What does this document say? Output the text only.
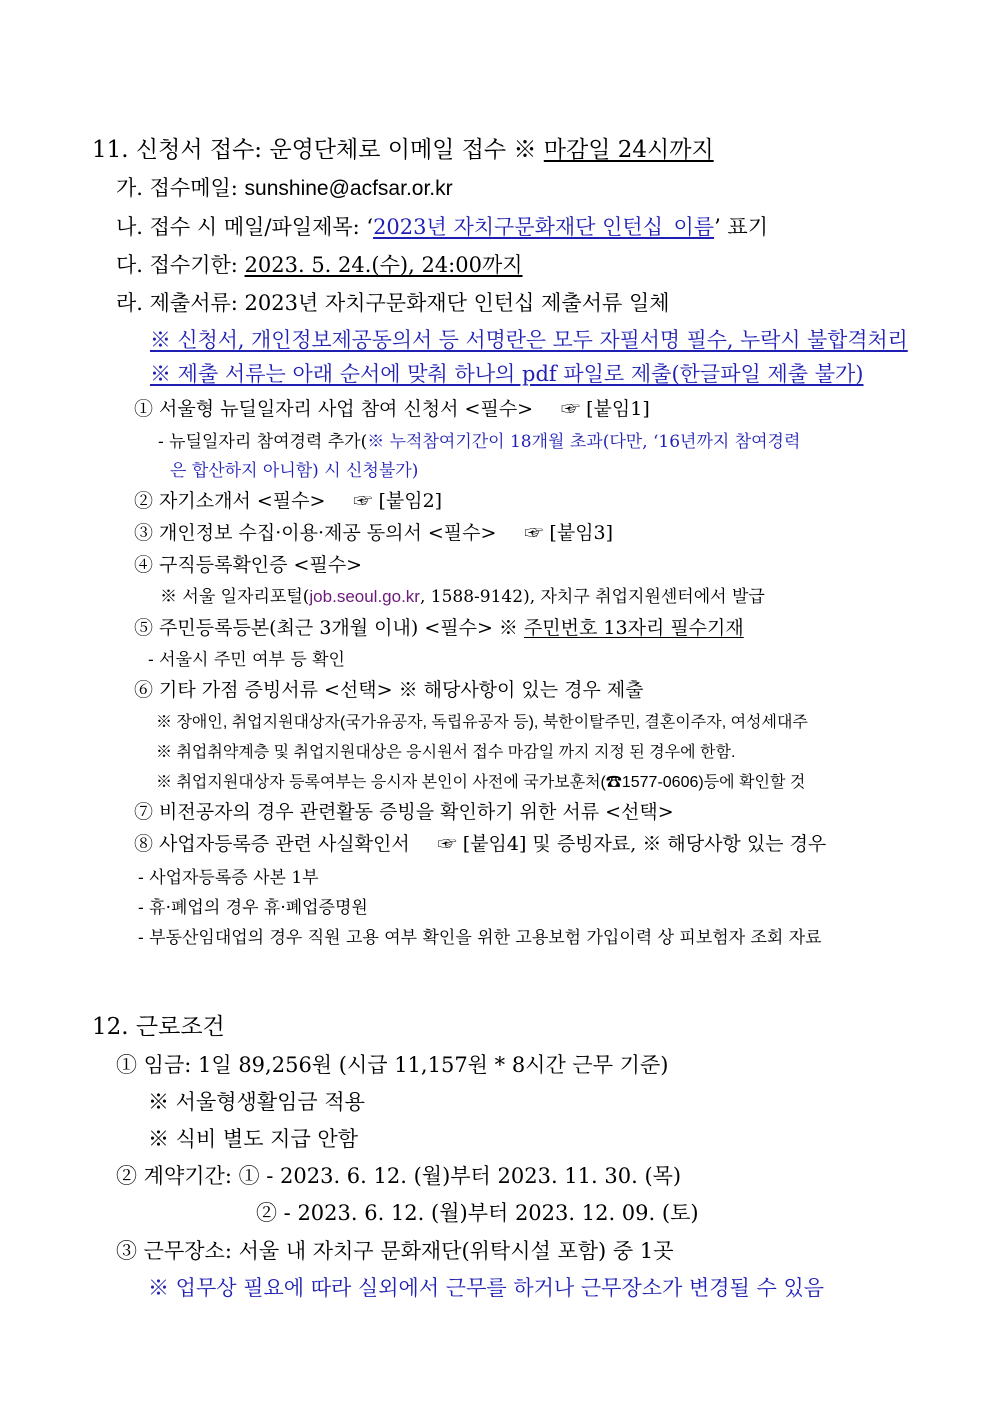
11. 신청서 접수: 운영단체로 이메일 접수 ※ 마감일 24시까지
가. 접수메일: sunshine@acfsar.or.kr
나. 접수 시 메일/파일제목: ‘2023년 자치구문화재단 인턴십_이름’ 표기
다. 접수기한: 2023. 5. 24.(수), 24:00까지
라. 제출서류: 2023년 자치구문화재단 인턴십 제출서류 일체
※ 신청서, 개인정보제공동의서 등 서명란은 모두 자필서명 필수, 누락시 불합격처리
※ 제출 서류는 아래 순서에 맞춰 하나의 pdf 파일로 제출(한글파일 제출 불가)
① 서울형 뉴딜일자리 사업 참여 신청서 <필수> ☞ [붙임1]
- 뉴딜일자리 참여경력 추가(※ 누적참여기간이 18개월 초과(다만, ‘16년까지 참여경력
은 합산하지 아니함) 시 신청불가)
② 자기소개서 <필수> ☞ [붙임2]
③ 개인정보 수집·이용·제공 동의서 <필수> ☞ [붙임3]
④ 구직등록확인증 <필수>
※ 서울 일자리포털(job.seoul.go.kr, 1588-9142), 자치구 취업지원센터에서 발급
⑤ 주민등록등본(최근 3개월 이내) <필수> ※ 주민번호 13자리 필수기재
- 서울시 주민 여부 등 확인
⑥ 기타 가점 증빙서류 <선택> ※ 해당사항이 있는 경우 제출
※ 장애인, 취업지원대상자(국가유공자, 독립유공자 등), 북한이탈주민, 결혼이주자, 여성세대주
※ 취업취약계층 및 취업지원대상은 응시원서 접수 마감일 까지 지정 된 경우에 한함.
※ 취업지원대상자 등록여부는 응시자 본인이 사전에 국가보훈처(☎1577-0606)등에 확인할 것
⑦ 비전공자의 경우 관련활동 증빙을 확인하기 위한 서류 <선택>
⑧ 사업자등록증 관련 사실확인서 ☞ [붙임4] 및 증빙자료, ※ 해당사항 있는 경우
- 사업자등록증 사본 1부
- 휴·폐업의 경우 휴·폐업증명원
- 부동산임대업의 경우 직원 고용 여부 확인을 위한 고용보험 가입이력 상 피보험자 조회 자료
12. 근로조건
① 임금: 1일 89,256원 (시급 11,157원 * 8시간 근무 기준)
※ 서울형생활임금 적용
※ 식비 별도 지급 안함
② 계약기간: ① - 2023. 6. 12. (월)부터 2023. 11. 30. (목)
② - 2023. 6. 12. (월)부터 2023. 12. 09. (토)
③ 근무장소: 서울 내 자치구 문화재단(위탁시설 포함) 중 1곳
※ 업무상 필요에 따라 실외에서 근무를 하거나 근무장소가 변경될 수 있음
